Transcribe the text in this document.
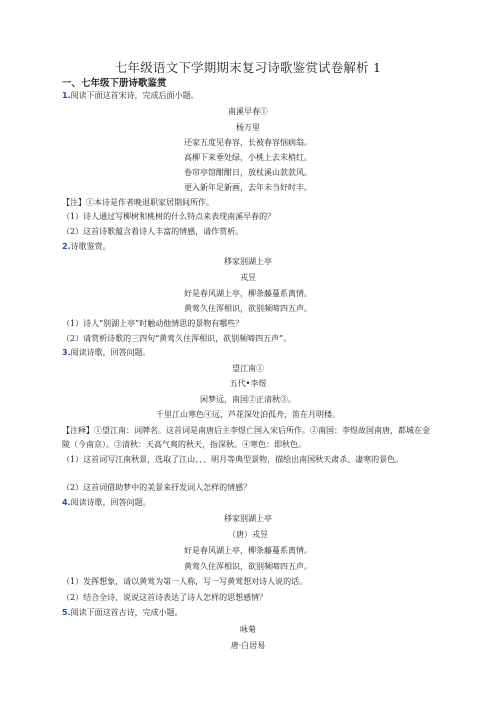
七年级语文下学期期末复习诗歌鉴赏试卷解析 1
一、七年级下册诗歌鉴赏
1.阅读下面这首宋诗，完成后面小题。
南溪早春①
杨万里
还家五度见春容，长被春容恼病翁。
高柳下来垂处绿，小桃上去末梢红。
卷帘亭馆酣酣日，放杖溪山款款风。
更入新年足新画，去年未当好时丰。
【注】①本诗是作者晚退职家居期间所作。
（1）诗人通过写柳树和桃树的什么特点来表现南溪早春的？
（2）这首诗歌蕴含着诗人丰富的情感，请作赏析。
2.诗歌鉴赏。
移家别湖上亭
戎昱
好是春风湖上亭，柳条藤蔓系离情。
黄莺久住浑相识，欲别频啼四五声。
（1）诗人“别湖上亭”时触动他情思的景物有哪些？
（2）请赏析诗歌的三四句“黄莺久住浑相识，欲别频啼四五声”。
3.阅读诗歌，回答问题。
望江南①
五代•李煜
闲梦远，南国②正清秋③。
千里江山寒色④远，芦花深处泊孤舟，笛在月明楼。
【注释】①望江南：词牌名。这首词是南唐后主李煜亡国入宋后所作。②南国：李煜故国南唐，都城在金陵（今南京）。③清秋：天高气爽的秋天，指深秋。④寒色：即秋色。
（1）这首词写江南秋景，选取了江山、、、明月等典型景物，描绘出南国秋天肃杀、凄寒的景色。
（2）这首词借助梦中的美景来抒发词人怎样的情感？
4.阅读诗歌，回答问题。
移家别湖上亭
（唐）戎昱
好是春风湖上亭，柳条藤蔓系离情。
黄莺久住浑相识，欲别频啼四五声。
（1）发挥想象，请以黄莺为第一人称，写一写黄莺想对诗人说的话。
（2）结合全诗，说说这首诗表达了诗人怎样的思想感情？
5.阅读下面这首古诗，完成小题。
咏菊
唐·白居易
